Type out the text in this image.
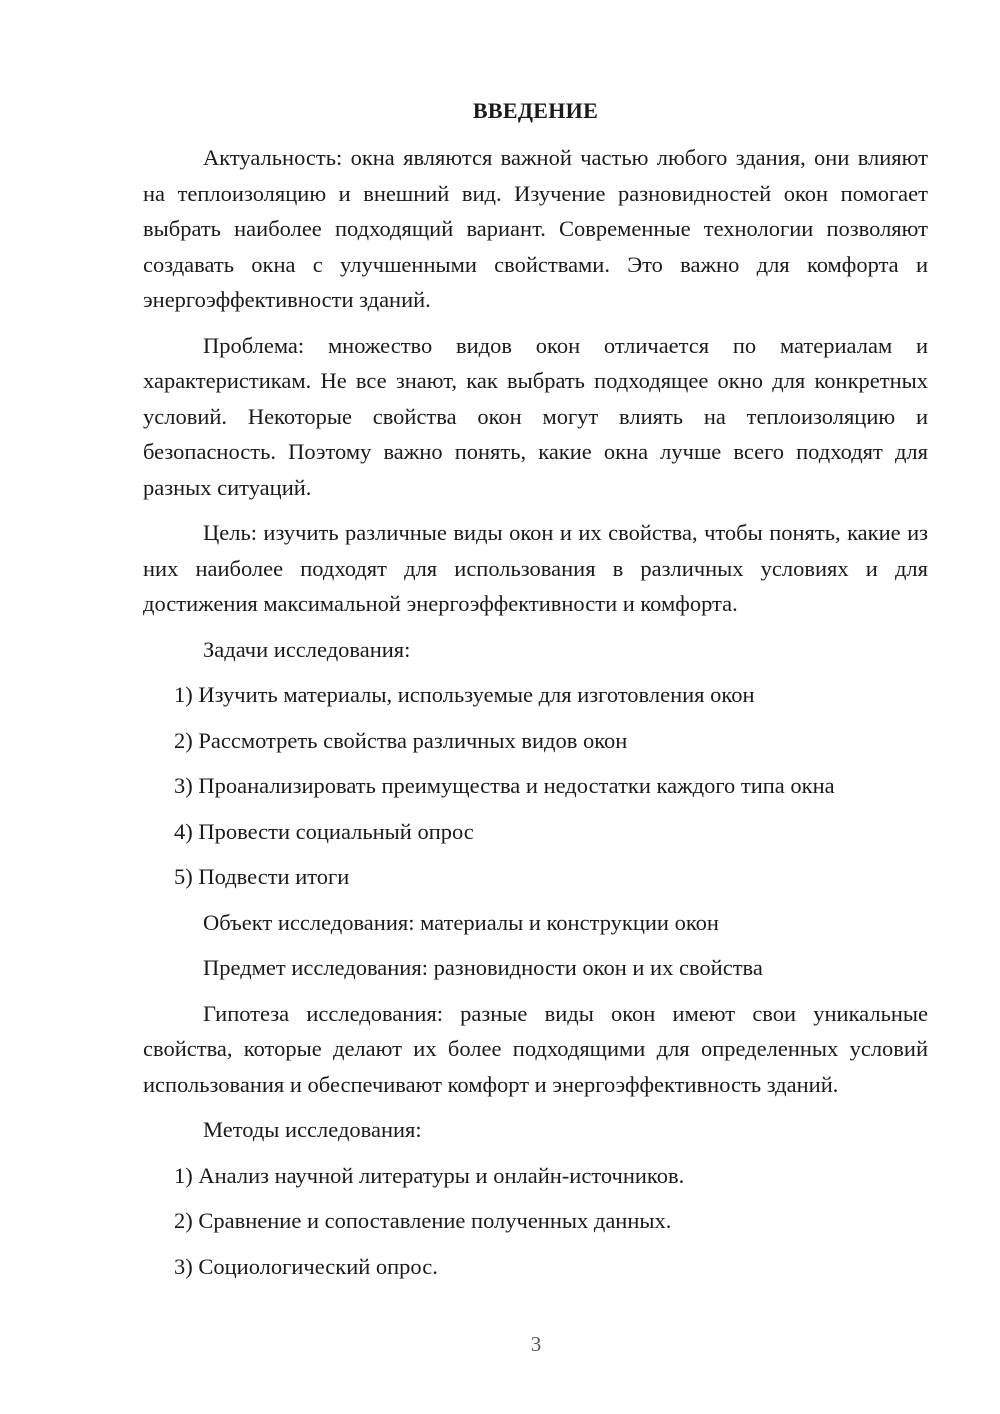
ВВЕДЕНИЕ

Актуальность: окна являются важной частью любого здания, они влияют на теплоизоляцию и внешний вид. Изучение разновидностей окон помогает выбрать наиболее подходящий вариант. Современные технологии позволяют создавать окна с улучшенными свойствами. Это важно для комфорта и энергоэффективности зданий.

Проблема: множество видов окон отличается по материалам и характеристикам. Не все знают, как выбрать подходящее окно для конкретных условий. Некоторые свойства окон могут влиять на теплоизоляцию и безопасность. Поэтому важно понять, какие окна лучше всего подходят для разных ситуаций.

Цель: изучить различные виды окон и их свойства, чтобы понять, какие из них наиболее подходят для использования в различных условиях и для достижения максимальной энергоэффективности и комфорта.

Задачи исследования:

1) Изучить материалы, используемые для изготовления окон
2) Рассмотреть свойства различных видов окон
3) Проанализировать преимущества и недостатки каждого типа окна
4) Провести социальный опрос
5) Подвести итоги

Объект исследования: материалы и конструкции окон

Предмет исследования: разновидности окон и их свойства

Гипотеза исследования: разные виды окон имеют свои уникальные свойства, которые делают их более подходящими для определенных условий использования и обеспечивают комфорт и энергоэффективность зданий.

Методы исследования:

1) Анализ научной литературы и онлайн-источников.
2) Сравнение и сопоставление полученных данных.
3) Социологический опрос.
3
